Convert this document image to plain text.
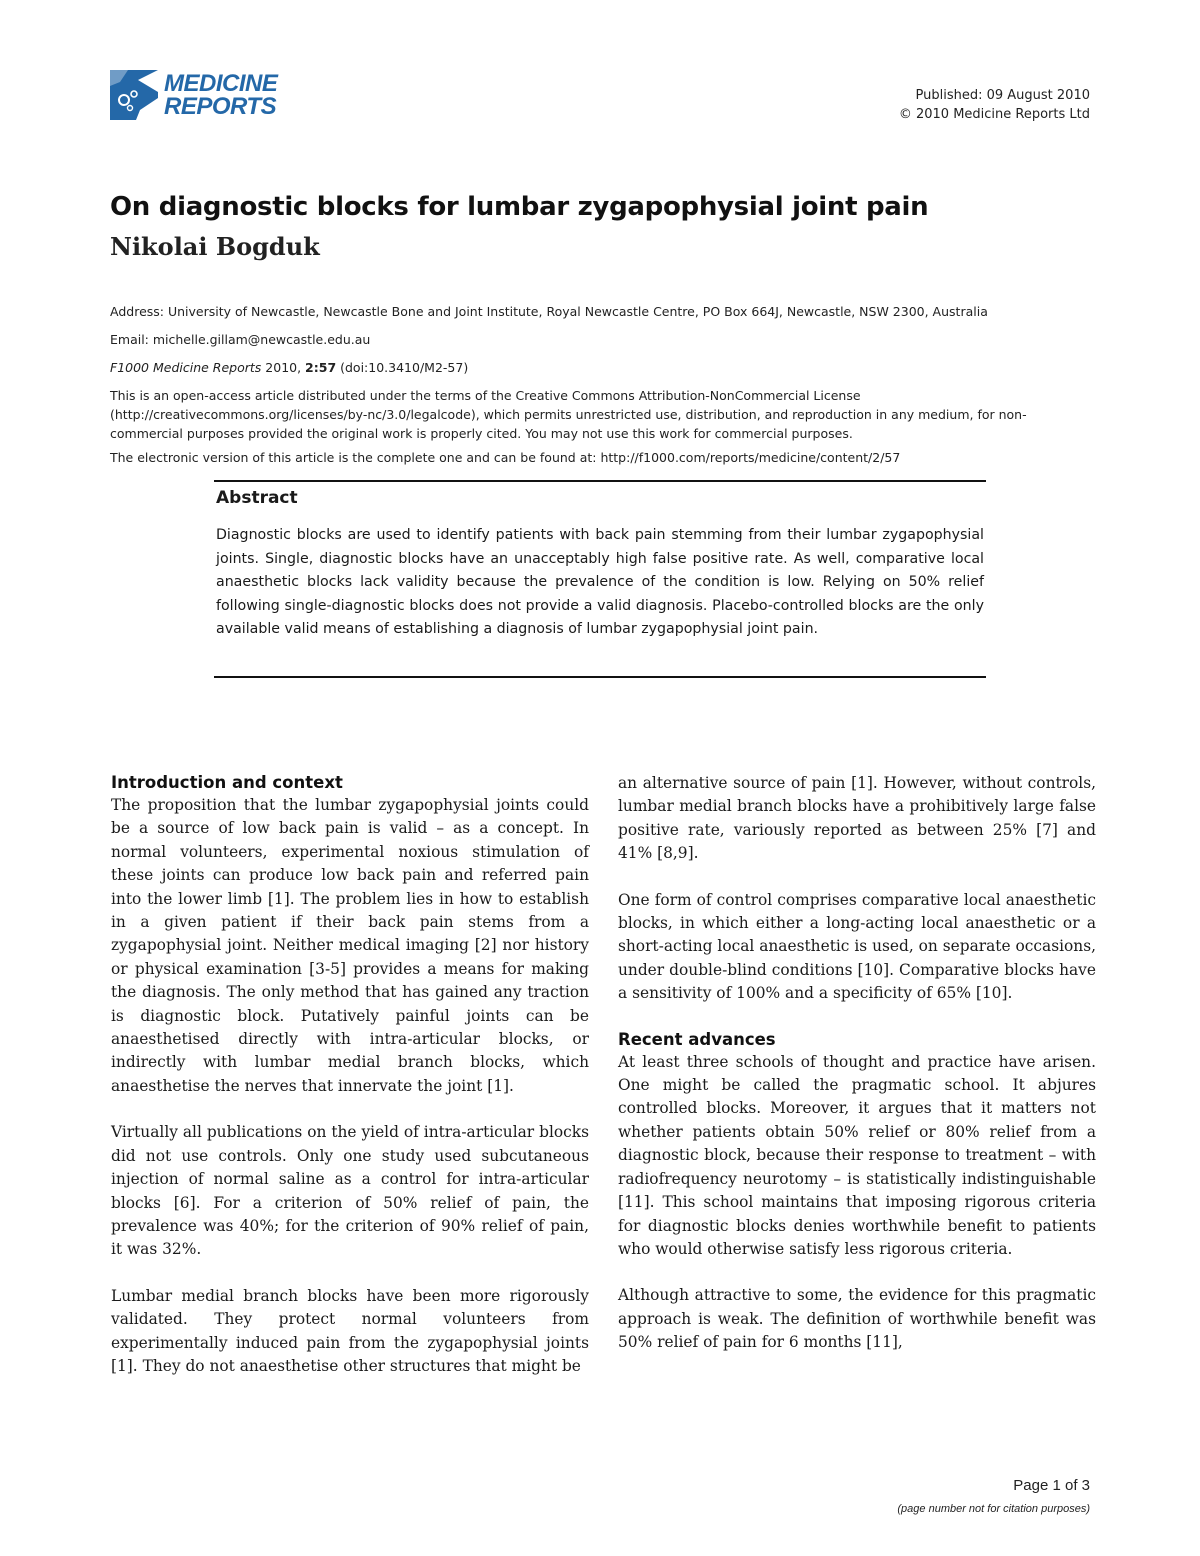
MEDICINE
REPORTS	Published: 09 August 2010
© 2010 Medicine Reports Ltd
On diagnostic blocks for lumbar zygapophysial joint pain
Nikolai Bogduk

Address: University of Newcastle, Newcastle Bone and Joint Institute, Royal Newcastle Centre, PO Box 664J, Newcastle, NSW 2300, Australia

Email: michelle.gillam@newcastle.edu.au

F1000 Medicine Reports 2010, 2:57 (doi:10.3410/M2-57)

This is an open-access article distributed under the terms of the Creative Commons Attribution-NonCommercial License (http://creativecommons.org/licenses/by-nc/3.0/legalcode), which permits unrestricted use, distribution, and reproduction in any medium, for non-commercial purposes provided the original work is properly cited. You may not use this work for commercial purposes.

The electronic version of this article is the complete one and can be found at: http://f1000.com/reports/medicine/content/2/57

Abstract

Diagnostic blocks are used to identify patients with back pain stemming from their lumbar zygapophysial joints. Single, diagnostic blocks have an unacceptably high false positive rate. As well, comparative local anaesthetic blocks lack validity because the prevalence of the condition is low. Relying on 50% relief following single-diagnostic blocks does not provide a valid diagnosis. Placebo-controlled blocks are the only available valid means of establishing a diagnosis of lumbar zygapophysial joint pain.

Introduction and context

The proposition that the lumbar zygapophysial joints could be a source of low back pain is valid – as a concept. In normal volunteers, experimental noxious stimulation of these joints can produce low back pain and referred pain into the lower limb [1]. The problem lies in how to establish in a given patient if their back pain stems from a zygapophysial joint. Neither medical imaging [2] nor history or physical examination [3-5] provides a means for making the diagnosis. The only method that has gained any traction is diagnostic block. Putatively painful joints can be anaesthetised directly with intra-articular blocks, or indirectly with lumbar medial branch blocks, which anaesthetise the nerves that innervate the joint [1].

Virtually all publications on the yield of intra-articular blocks did not use controls. Only one study used subcutaneous injection of normal saline as a control for intra-articular blocks [6]. For a criterion of 50% relief of pain, the prevalence was 40%; for the criterion of 90% relief of pain, it was 32%.

Lumbar medial branch blocks have been more rigorously validated. They protect normal volunteers from experimentally induced pain from the zygapophysial joints [1]. They do not anaesthetise other structures that might be

an alternative source of pain [1]. However, without controls, lumbar medial branch blocks have a prohibitively large false positive rate, variously reported as between 25% [7] and 41% [8,9].

One form of control comprises comparative local anaesthetic blocks, in which either a long-acting local anaesthetic or a short-acting local anaesthetic is used, on separate occasions, under double-blind conditions [10]. Comparative blocks have a sensitivity of 100% and a specificity of 65% [10].

Recent advances

At least three schools of thought and practice have arisen. One might be called the pragmatic school. It abjures controlled blocks. Moreover, it argues that it matters not whether patients obtain 50% relief or 80% relief from a diagnostic block, because their response to treatment – with radiofrequency neurotomy – is statistically indistinguishable [11]. This school maintains that imposing rigorous criteria for diagnostic blocks denies worthwhile benefit to patients who would otherwise satisfy less rigorous criteria.

Although attractive to some, the evidence for this pragmatic approach is weak. The definition of worthwhile benefit was 50% relief of pain for 6 months [11],

Page 1 of 3
(page number not for citation purposes)
